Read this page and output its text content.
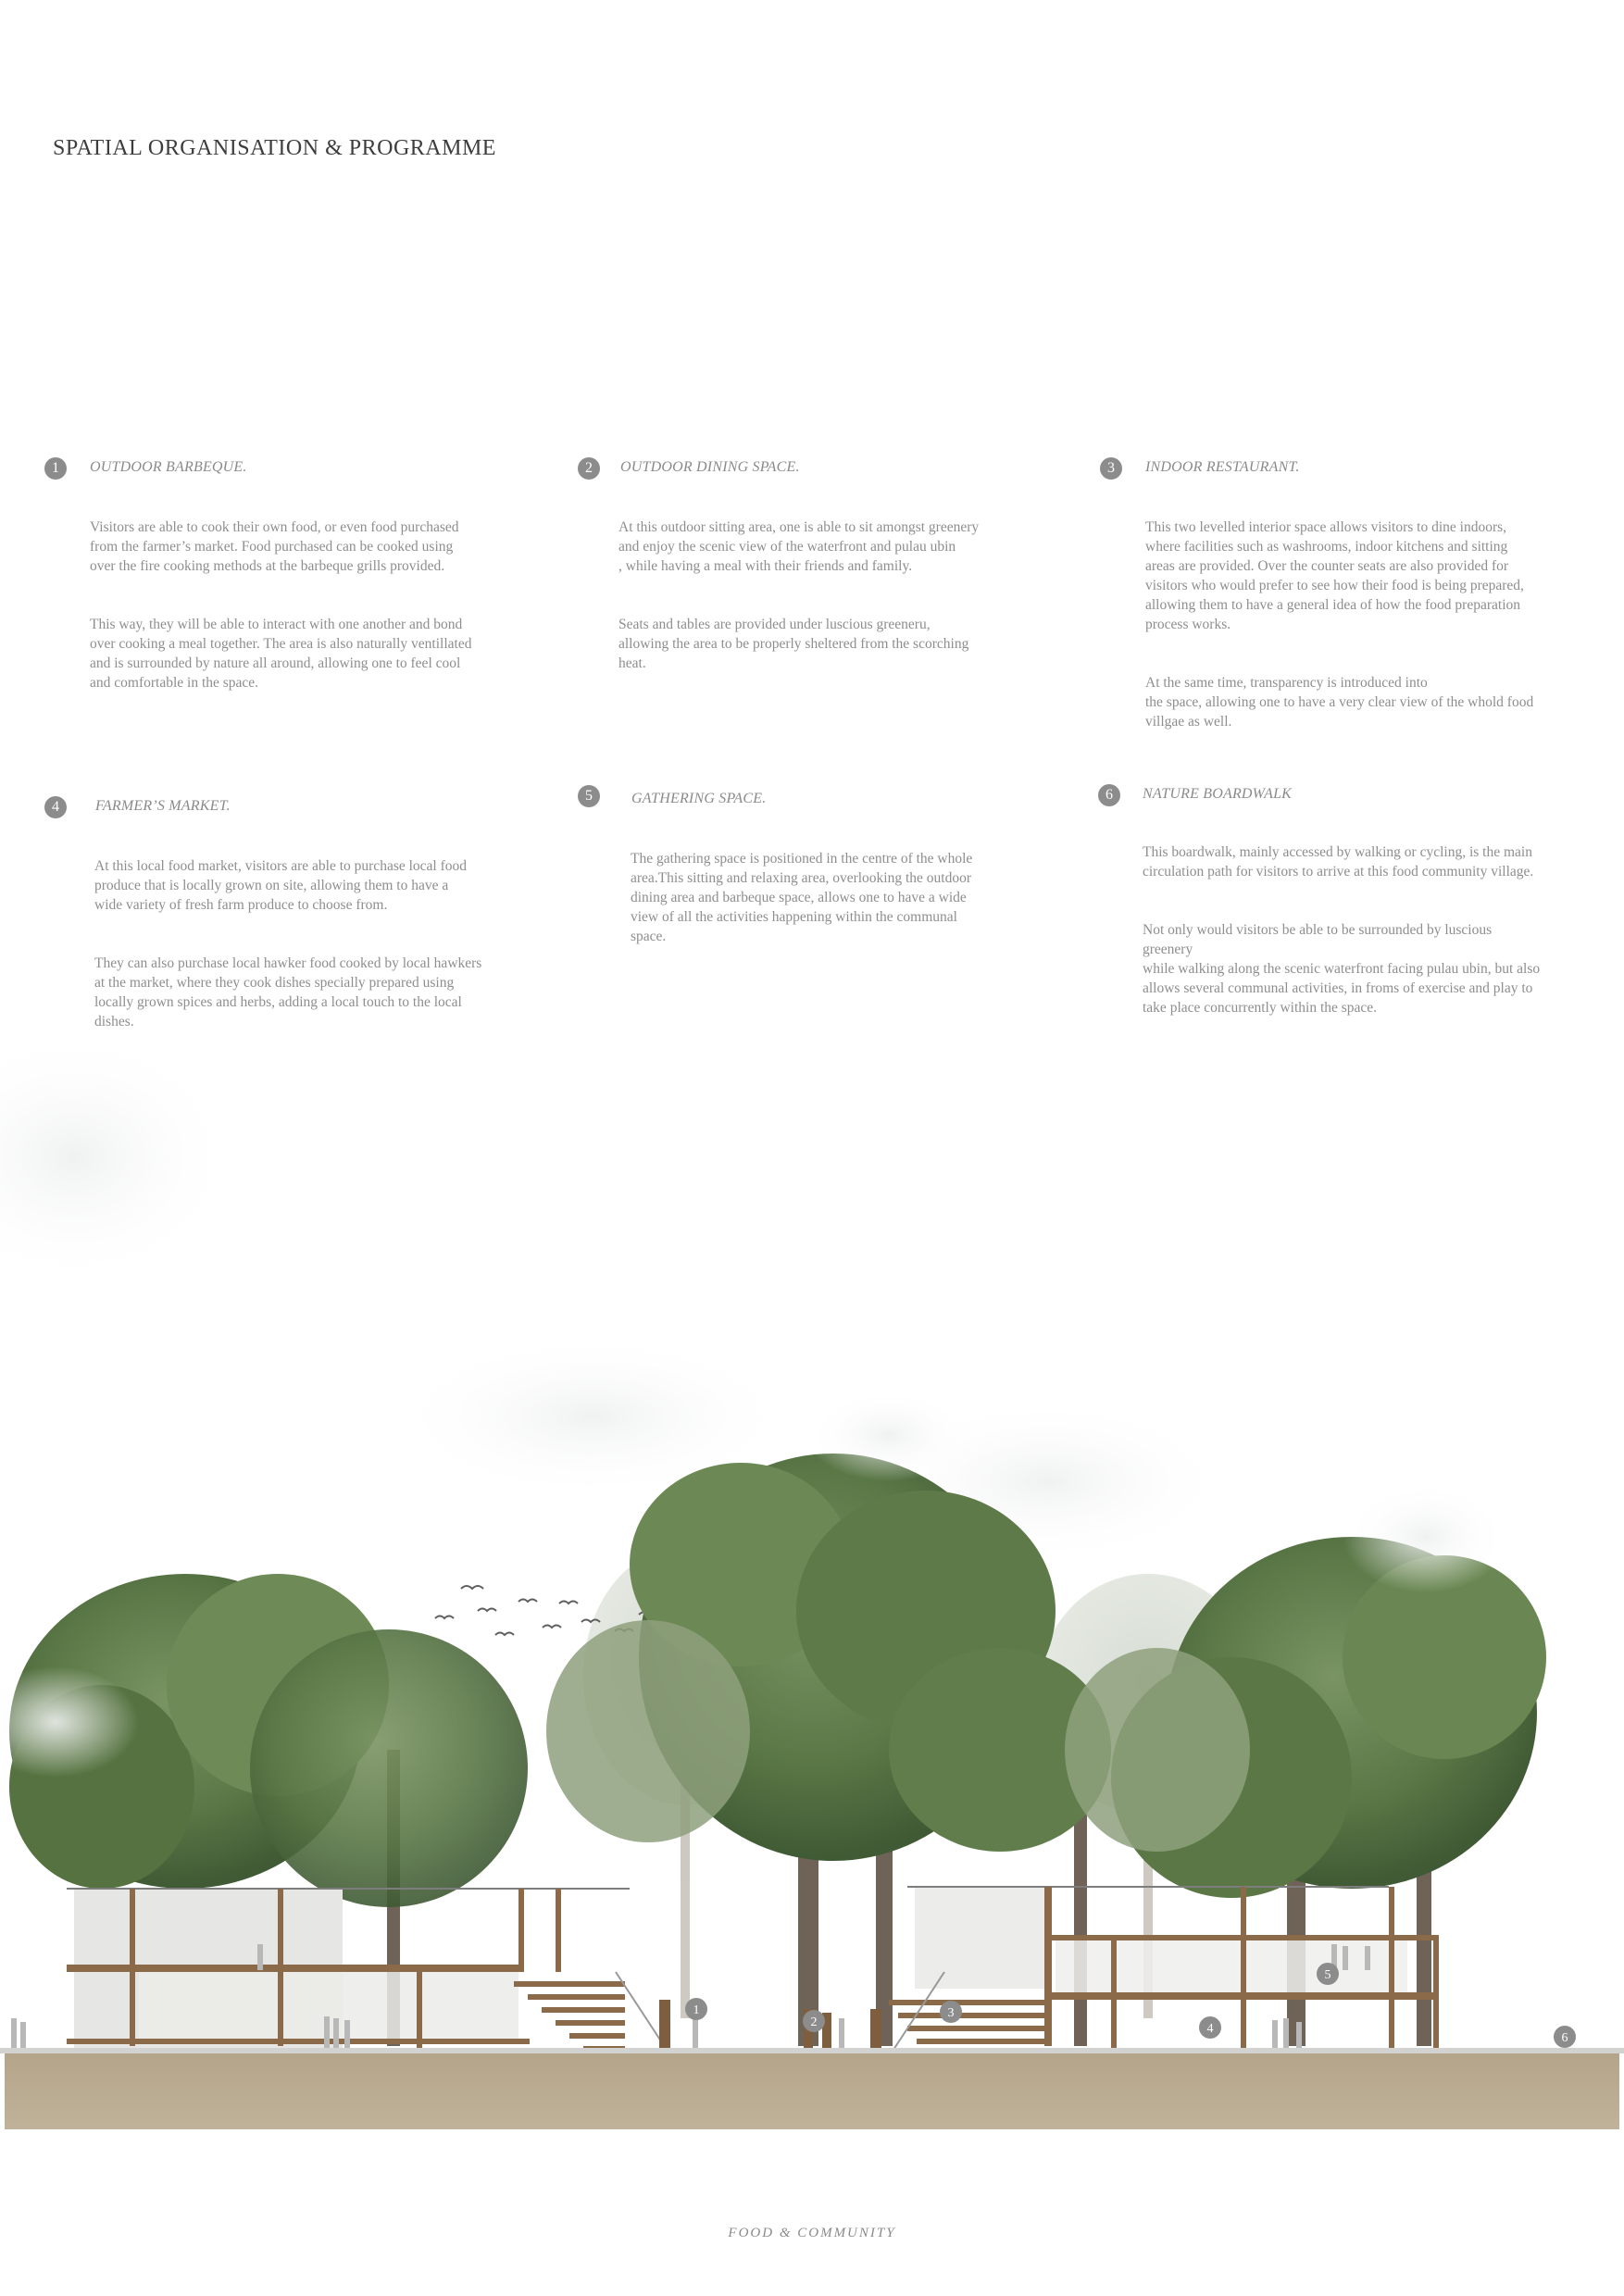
SPATIAL ORGANISATION & PROGRAMME
1	OUTDOOR BARBEQUE.

Visitors are able to cook their own food, or even food purchased
from the farmer’s market. Food purchased can be cooked using
over the fire cooking methods at the barbeque grills provided.

This way, they will be able to interact with one another and bond
over cooking a meal together. The area is also naturally ventillated
and is surrounded by nature all around, allowing one to feel cool
and comfortable in the space.

2	OUTDOOR DINING SPACE.

At this outdoor sitting area, one is able to sit amongst greenery
and enjoy the scenic view of the waterfront and pulau ubin
, while having a meal with their friends and family.

Seats and tables are provided under luscious greeneru,
allowing the area to be properly sheltered from the scorching
heat.

3	INDOOR RESTAURANT.

This two levelled interior space allows visitors to dine indoors,
where facilities such as washrooms, indoor kitchens and sitting
areas are provided. Over the counter seats are also provided for
visitors who would prefer to see how their food is being prepared,
allowing them to have a general idea of how the food preparation
process works.

At the same time, transparency is introduced into
the space, allowing one to have a very clear view of the whold food
villgae as well.

4	FARMER’S MARKET.

At this local food market, visitors are able to purchase local food
produce that is locally grown on site, allowing them to have a
wide variety of fresh farm produce to choose from.

They can also purchase local hawker food cooked by local hawkers
at the market, where they cook dishes specially prepared using
locally grown spices and herbs, adding a local touch to the local
dishes.

5	GATHERING SPACE.

The gathering space is positioned in the centre of the whole
area.This sitting and relaxing area, overlooking the outdoor
dining area and barbeque space, allows one to have a wide
view of all the activities happening within the communal
space.

6	NATURE BOARDWALK

This boardwalk, mainly accessed by walking or cycling, is the main
circulation path for visitors to arrive at this food community village.

Not only would visitors be able to be surrounded by luscious greenery
while walking along the scenic waterfront facing pulau ubin, but also
allows several communal activities, in froms of exercise and play to
take place concurrently within the space.

1
2
3
4
5
6
FOOD & COMMUNITY
